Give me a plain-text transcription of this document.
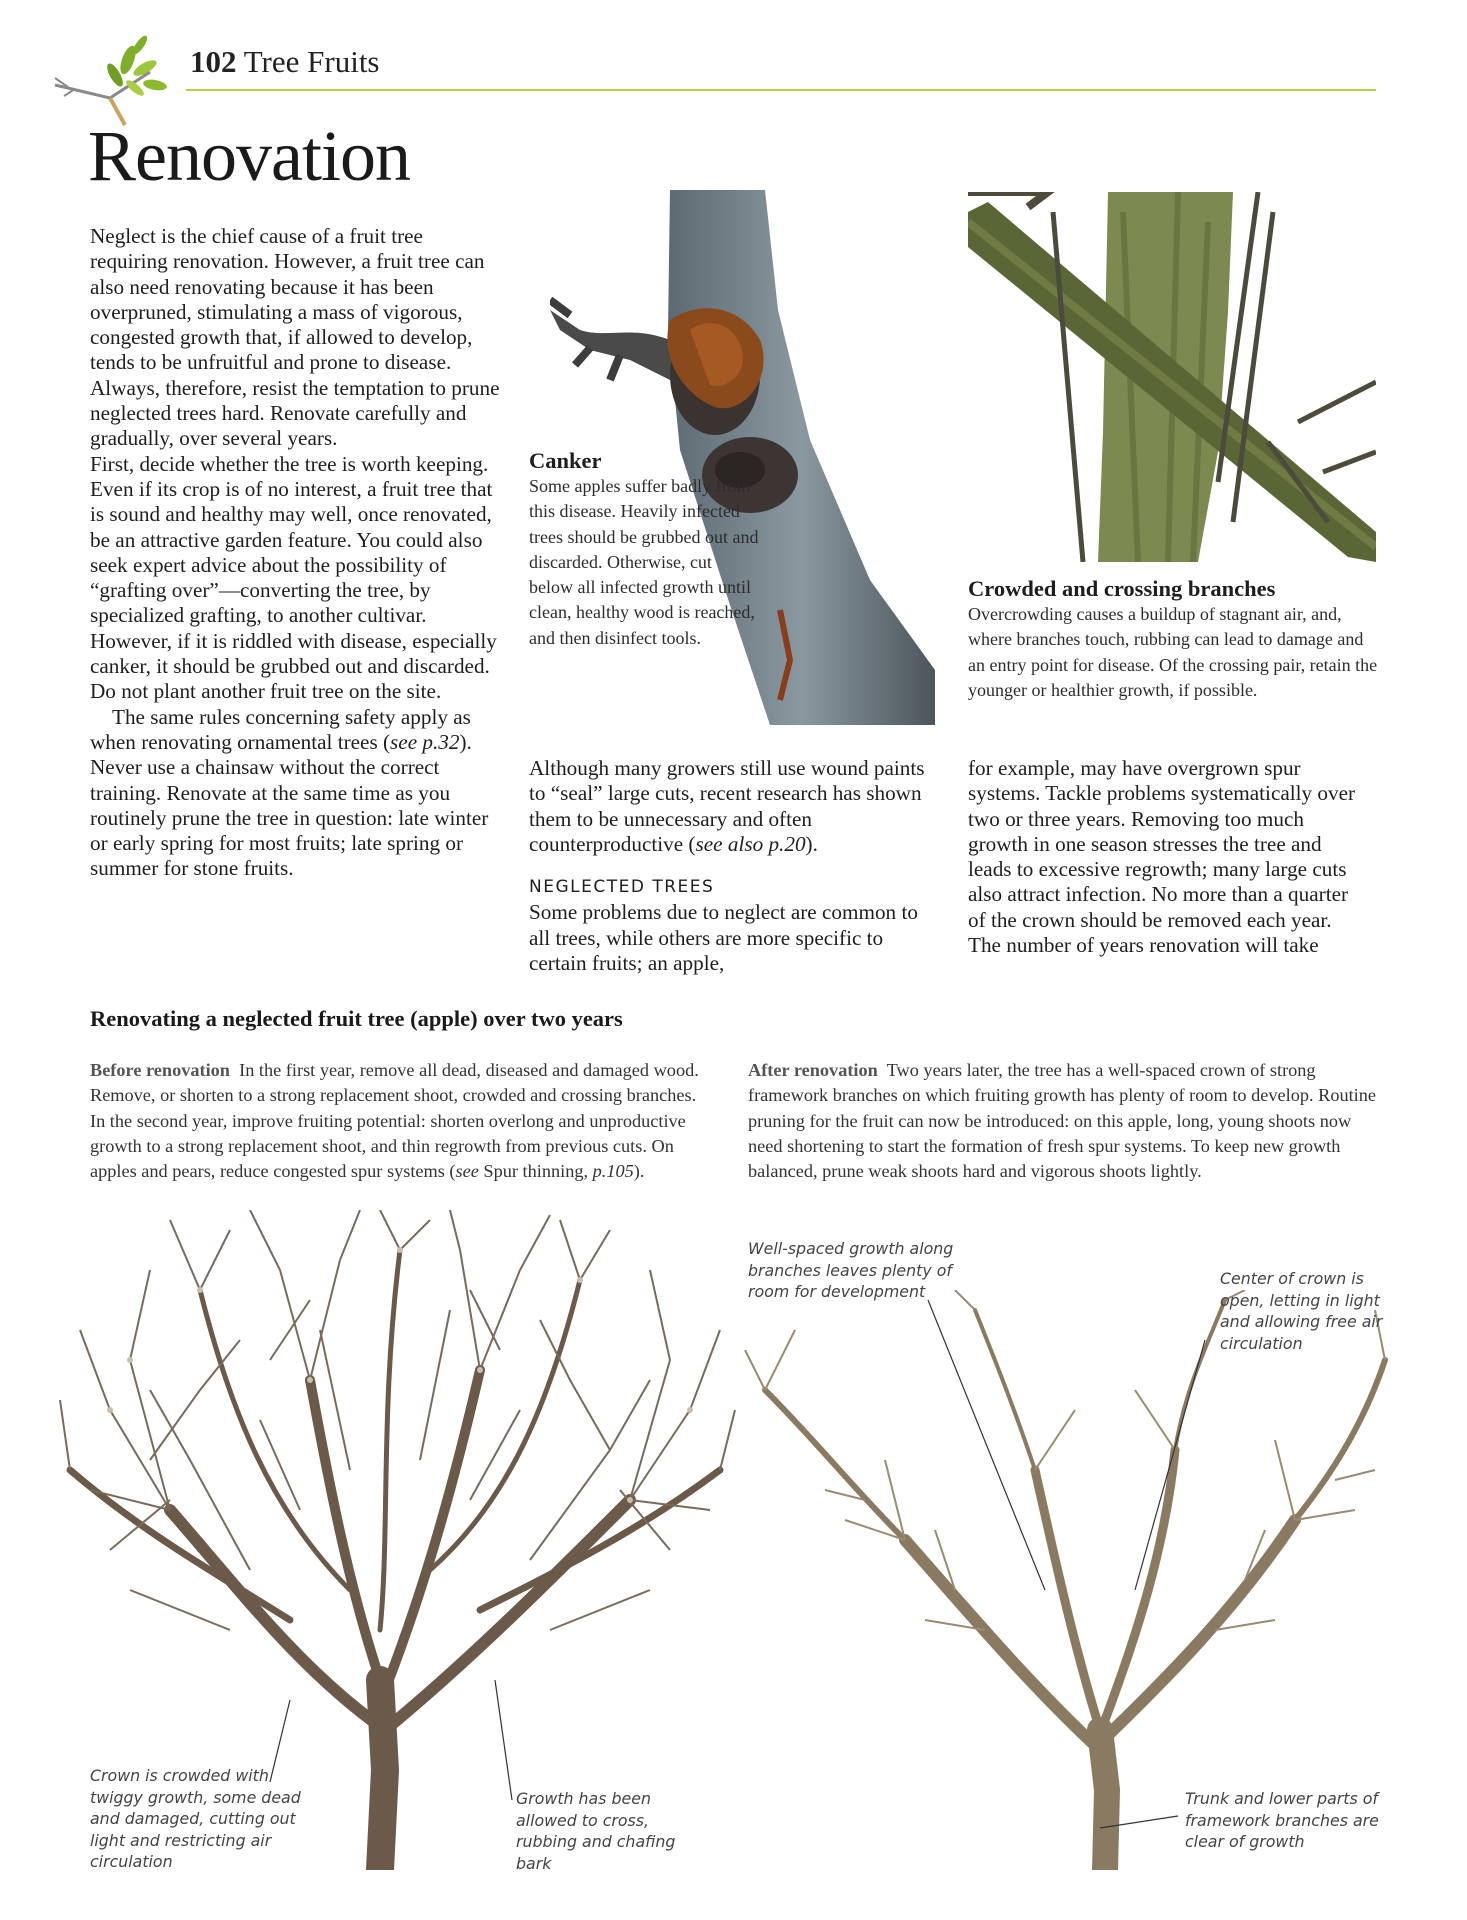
102 Tree Fruits
Renovation

Neglect is the chief cause of a fruit tree requiring renovation. However, a fruit tree can also need renovating because it has been overpruned, stimulating a mass of vigorous, congested growth that, if allowed to develop, tends to be unfruitful and prone to disease. Always, therefore, resist the temptation to prune neglected trees hard. Renovate carefully and gradually, over several years.

First, decide whether the tree is worth keeping. Even if its crop is of no interest, a fruit tree that is sound and healthy may well, once renovated, be an attractive garden feature. You could also seek expert advice about the possibility of “grafting over”—converting the tree, by specialized grafting, to another cultivar. However, if it is riddled with disease, especially canker, it should be grubbed out and discarded. Do not plant another fruit tree on the site.

The same rules concerning safety apply as when renovating ornamental trees (see p.32). Never use a chainsaw without the correct training. Renovate at the same time as you routinely prune the tree in question: late winter or early spring for most fruits; late spring or summer for stone fruits.

Canker
Some apples suffer badly from this disease. Heavily infected trees should be grubbed out and discarded. Otherwise, cut below all infected growth until clean, healthy wood is reached, and then disinfect tools.
Crowded and crossing branches
Overcrowding causes a buildup of stagnant air, and, where branches touch, rubbing can lead to damage and an entry point for disease. Of the crossing pair, retain the younger or healthier growth, if possible.

Although many growers still use wound paints to “seal” large cuts, recent research has shown them to be unnecessary and often counterproductive (see also p.20).

NEGLECTED TREES

Some problems due to neglect are common to all trees, while others are more specific to certain fruits; an apple,

for example, may have overgrown spur systems. Tackle problems systematically over two or three years. Removing too much growth in one season stresses the tree and leads to excessive regrowth; many large cuts also attract infection. No more than a quarter of the crown should be removed each year. The number of years renovation will take

Renovating a neglected fruit tree (apple) over two years
Before renovation In the first year, remove all dead, diseased and damaged wood. Remove, or shorten to a strong replacement shoot, crowded and crossing branches. In the second year, improve fruiting potential: shorten overlong and unproductive growth to a strong replacement shoot, and thin regrowth from previous cuts. On apples and pears, reduce congested spur systems (see Spur thinning, p.105).
After renovation Two years later, the tree has a well-spaced crown of strong framework branches on which fruiting growth has plenty of room to develop. Routine pruning for the fruit can now be introduced: on this apple, long, young shoots now need shortening to start the formation of fresh spur systems. To keep new growth balanced, prune weak shoots hard and vigorous shoots lightly.
Crown is crowded with twiggy growth, some dead and damaged, cutting out light and restricting air circulation
Growth has been allowed to cross, rubbing and chafing bark
Well-spaced growth along branches leaves plenty of room for development
Center of crown is open, letting in light and allowing free air circulation
Trunk and lower parts of framework branches are clear of growth
